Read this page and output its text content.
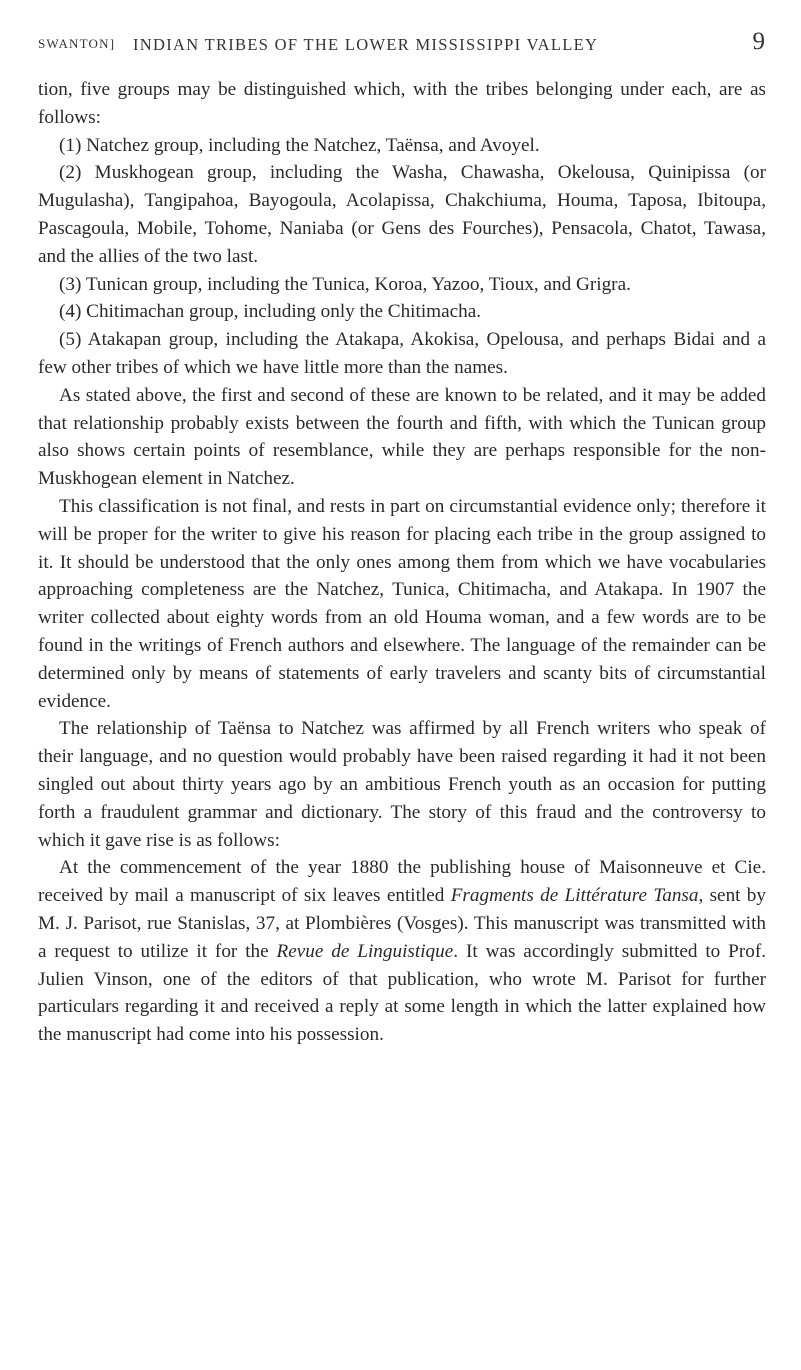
SWANTON] INDIAN TRIBES OF THE LOWER MISSISSIPPI VALLEY	9

tion, five groups may be distinguished which, with the tribes belonging under each, are as follows:

(1) Natchez group, including the Natchez, Taënsa, and Avoyel.

(2) Muskhogean group, including the Washa, Chawasha, Okelousa, Quinipissa (or Mugulasha), Tangipahoa, Bayogoula, Acolapissa, Chakchiuma, Houma, Taposa, Ibitoupa, Pascagoula, Mobile, Tohome, Naniaba (or Gens des Fourches), Pensacola, Chatot, Tawasa, and the allies of the two last.

(3) Tunican group, including the Tunica, Koroa, Yazoo, Tioux, and Grigra.

(4) Chitimachan group, including only the Chitimacha.

(5) Atakapan group, including the Atakapa, Akokisa, Opelousa, and perhaps Bidai and a few other tribes of which we have little more than the names.

As stated above, the first and second of these are known to be related, and it may be added that relationship probably exists between the fourth and fifth, with which the Tunican group also shows certain points of resemblance, while they are perhaps responsible for the non-Muskhogean element in Natchez.

This classification is not final, and rests in part on circumstantial evidence only; therefore it will be proper for the writer to give his reason for placing each tribe in the group assigned to it. It should be understood that the only ones among them from which we have vocabularies approaching completeness are the Natchez, Tunica, Chitimacha, and Atakapa. In 1907 the writer collected about eighty words from an old Houma woman, and a few words are to be found in the writings of French authors and elsewhere. The language of the remainder can be determined only by means of statements of early travelers and scanty bits of circumstantial evidence.

The relationship of Taënsa to Natchez was affirmed by all French writers who speak of their language, and no question would probably have been raised regarding it had it not been singled out about thirty years ago by an ambitious French youth as an occasion for putting forth a fraudulent grammar and dictionary. The story of this fraud and the controversy to which it gave rise is as follows:

At the commencement of the year 1880 the publishing house of Maisonneuve et Cie. received by mail a manuscript of six leaves entitled Fragments de Littérature Tansa, sent by M. J. Parisot, rue Stanislas, 37, at Plombières (Vosges). This manuscript was transmitted with a request to utilize it for the Revue de Linguistique. It was accordingly submitted to Prof. Julien Vinson, one of the editors of that publication, who wrote M. Parisot for further particulars regarding it and received a reply at some length in which the latter explained how the manuscript had come into his possession.
